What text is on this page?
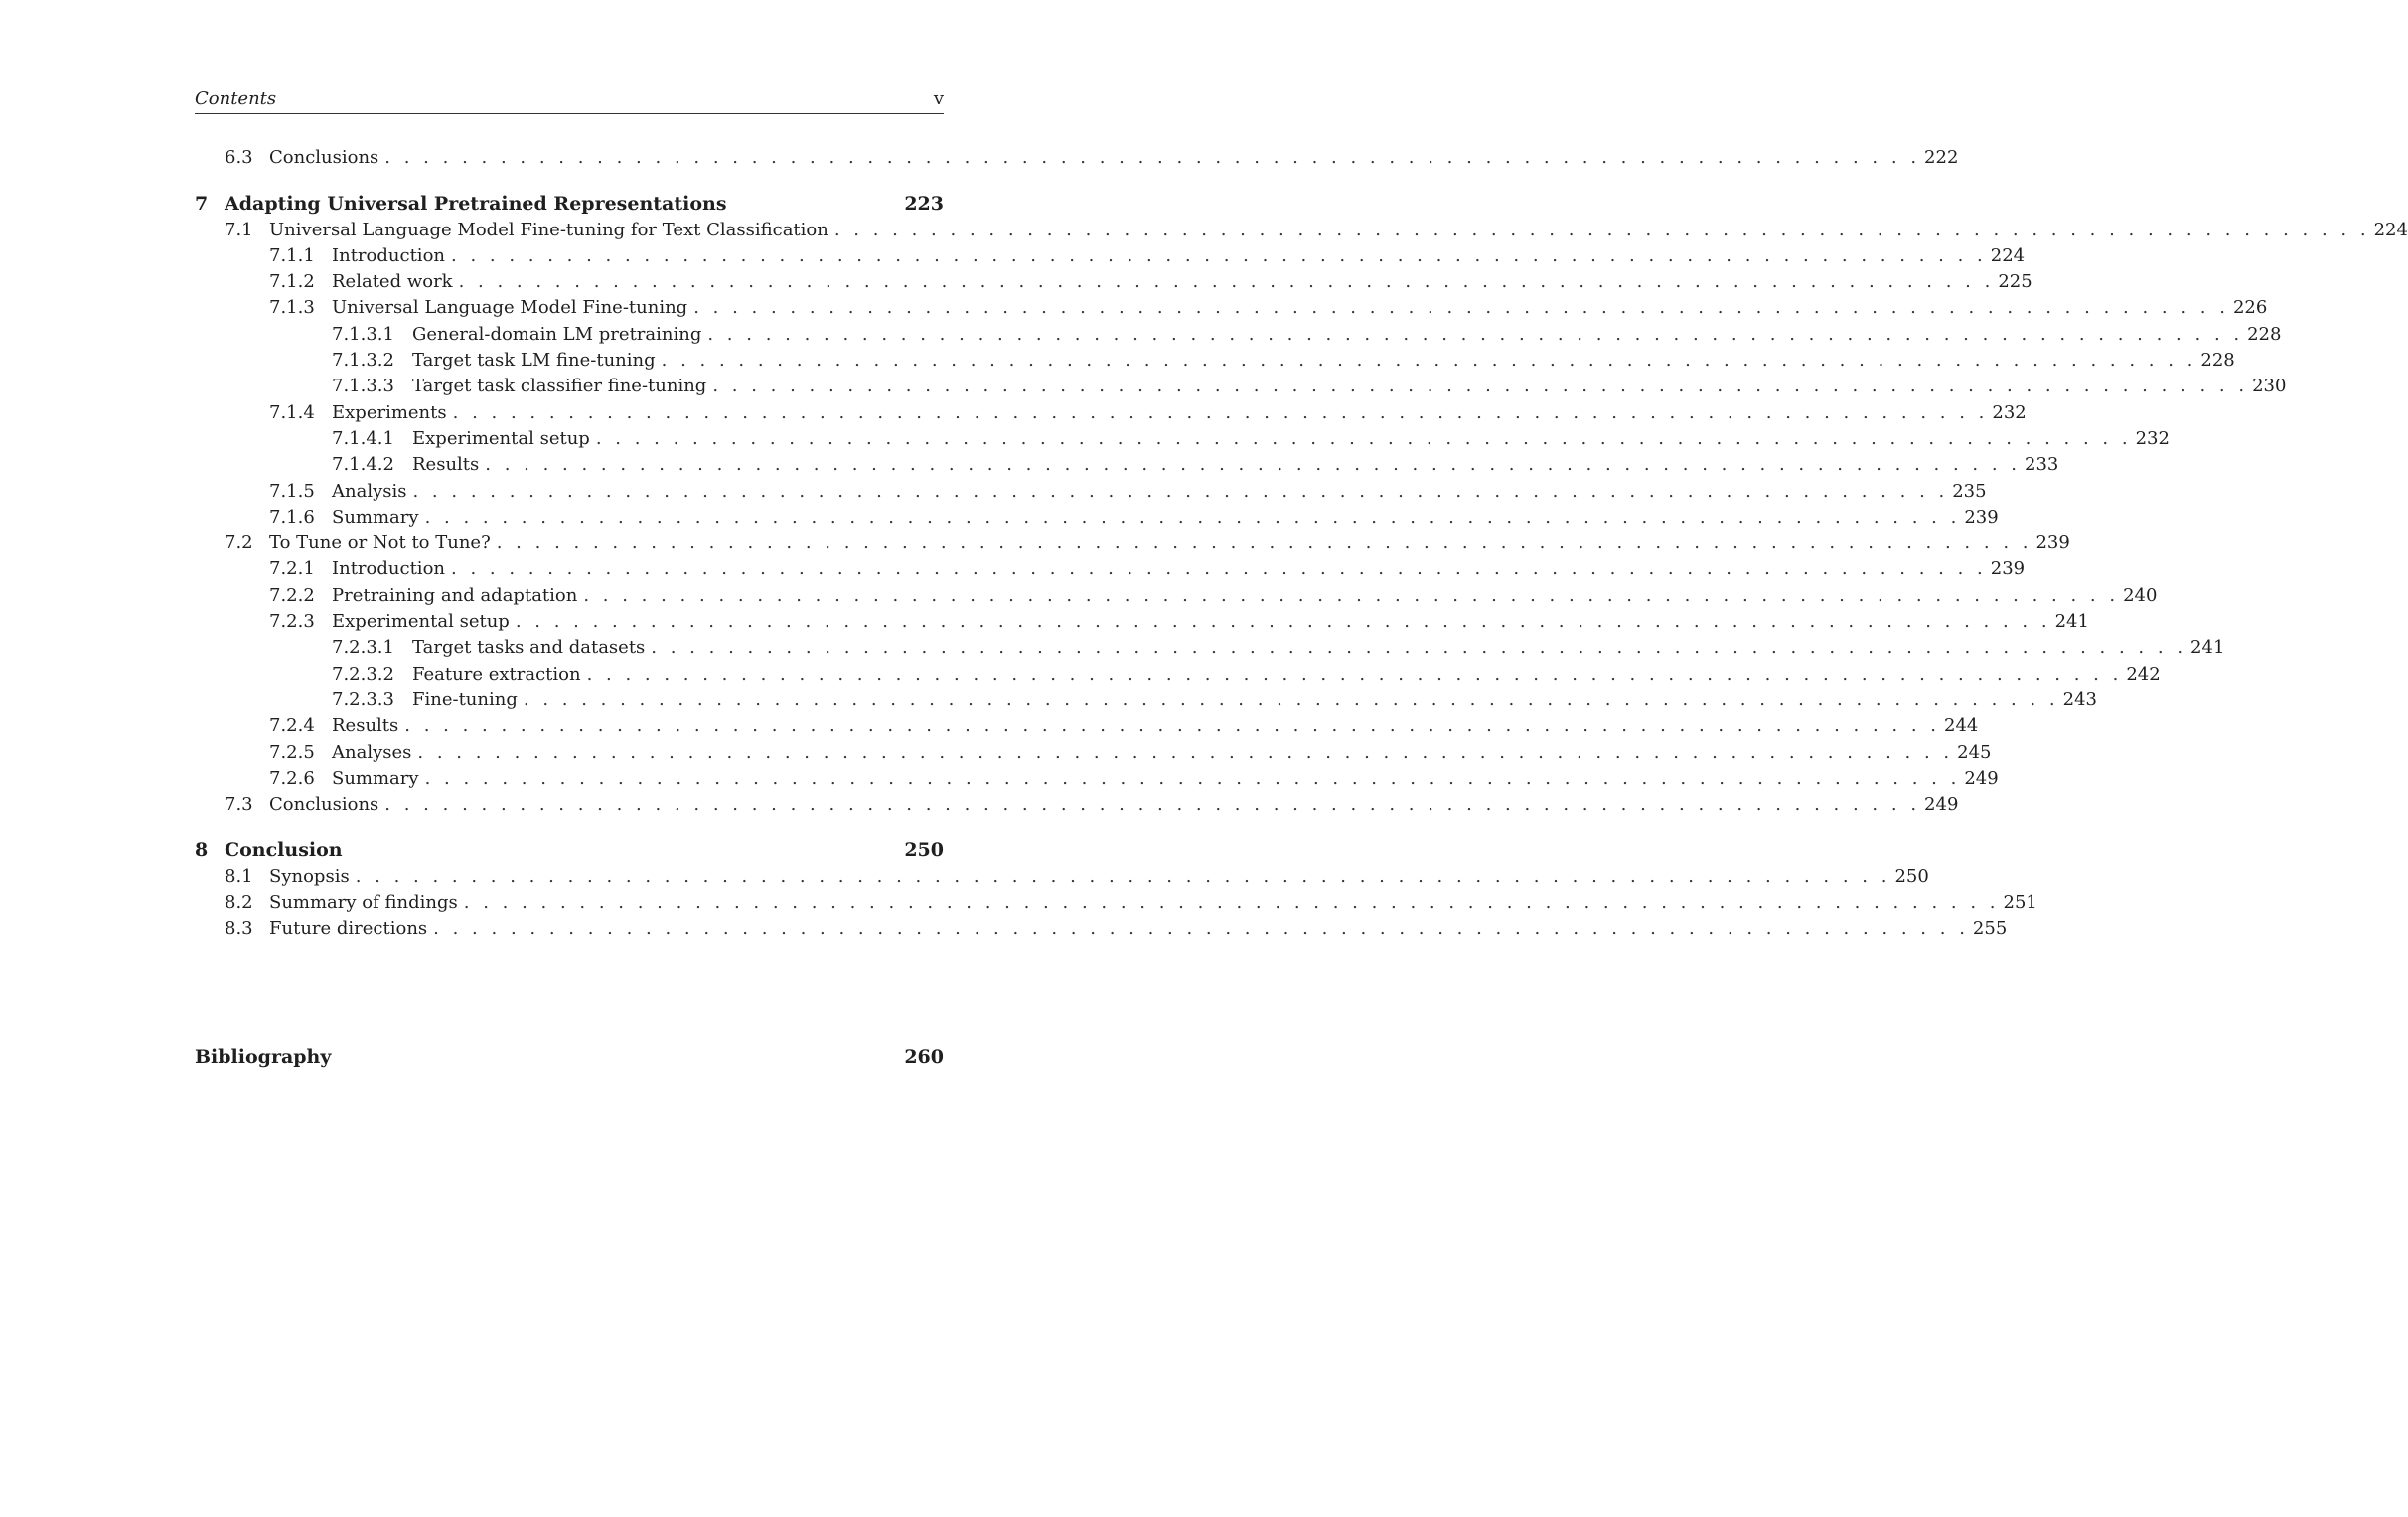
Contents	v
6.3 Conclusions . . . . . . . . . . . . . . . . . . . . . . . . . . . . . . . . . . . . . . . . . . . . . . . . . . . . . . . . . . . . . . . . . . . . . . . . . . . . . . . . 222
7 Adapting Universal Pretrained Representations	223
7.1 Universal Language Model Fine-tuning for Text Classification . . . . . . . . . . . . . . . . . . . . . . . . . . . . . . . . . . . . . . . . . . . . . . . . . . . . . . . . . . . . . . . . . . . . . . . . . . . . . . . . 224
7.1.1 Introduction . . . . . . . . . . . . . . . . . . . . . . . . . . . . . . . . . . . . . . . . . . . . . . . . . . . . . . . . . . . . . . . . . . . . . . . . . . . . . . . . 224
7.1.2 Related work . . . . . . . . . . . . . . . . . . . . . . . . . . . . . . . . . . . . . . . . . . . . . . . . . . . . . . . . . . . . . . . . . . . . . . . . . . . . . . . . 225
7.1.3 Universal Language Model Fine-tuning . . . . . . . . . . . . . . . . . . . . . . . . . . . . . . . . . . . . . . . . . . . . . . . . . . . . . . . . . . . . . . . . . . . . . . . . . . . . . . . . 226
7.1.3.1	General-domain LM pretraining . . . . . . . . . . . . . . . . . . . . . . . . . . . . . . . . . . . . . . . . . . . . . . . . . . . . . . . . . . . . . . . . . . . . . . . . . . . . . . . . 228
7.1.3.2	Target task LM fine-tuning . . . . . . . . . . . . . . . . . . . . . . . . . . . . . . . . . . . . . . . . . . . . . . . . . . . . . . . . . . . . . . . . . . . . . . . . . . . . . . . . 228
7.1.3.3	Target task classifier fine-tuning . . . . . . . . . . . . . . . . . . . . . . . . . . . . . . . . . . . . . . . . . . . . . . . . . . . . . . . . . . . . . . . . . . . . . . . . . . . . . . . . 230
7.1.4 Experiments . . . . . . . . . . . . . . . . . . . . . . . . . . . . . . . . . . . . . . . . . . . . . . . . . . . . . . . . . . . . . . . . . . . . . . . . . . . . . . . . 232
7.1.4.1	Experimental setup . . . . . . . . . . . . . . . . . . . . . . . . . . . . . . . . . . . . . . . . . . . . . . . . . . . . . . . . . . . . . . . . . . . . . . . . . . . . . . . . 232
7.1.4.2	Results . . . . . . . . . . . . . . . . . . . . . . . . . . . . . . . . . . . . . . . . . . . . . . . . . . . . . . . . . . . . . . . . . . . . . . . . . . . . . . . . 233
7.1.5 Analysis . . . . . . . . . . . . . . . . . . . . . . . . . . . . . . . . . . . . . . . . . . . . . . . . . . . . . . . . . . . . . . . . . . . . . . . . . . . . . . . . 235
7.1.6 Summary . . . . . . . . . . . . . . . . . . . . . . . . . . . . . . . . . . . . . . . . . . . . . . . . . . . . . . . . . . . . . . . . . . . . . . . . . . . . . . . . 239
7.2 To Tune or Not to Tune? . . . . . . . . . . . . . . . . . . . . . . . . . . . . . . . . . . . . . . . . . . . . . . . . . . . . . . . . . . . . . . . . . . . . . . . . . . . . . . . . 239
7.2.1 Introduction . . . . . . . . . . . . . . . . . . . . . . . . . . . . . . . . . . . . . . . . . . . . . . . . . . . . . . . . . . . . . . . . . . . . . . . . . . . . . . . . 239
7.2.2 Pretraining and adaptation . . . . . . . . . . . . . . . . . . . . . . . . . . . . . . . . . . . . . . . . . . . . . . . . . . . . . . . . . . . . . . . . . . . . . . . . . . . . . . . . 240
7.2.3 Experimental setup . . . . . . . . . . . . . . . . . . . . . . . . . . . . . . . . . . . . . . . . . . . . . . . . . . . . . . . . . . . . . . . . . . . . . . . . . . . . . . . . 241
7.2.3.1	Target tasks and datasets . . . . . . . . . . . . . . . . . . . . . . . . . . . . . . . . . . . . . . . . . . . . . . . . . . . . . . . . . . . . . . . . . . . . . . . . . . . . . . . . 241
7.2.3.2	Feature extraction . . . . . . . . . . . . . . . . . . . . . . . . . . . . . . . . . . . . . . . . . . . . . . . . . . . . . . . . . . . . . . . . . . . . . . . . . . . . . . . . 242
7.2.3.3	Fine-tuning . . . . . . . . . . . . . . . . . . . . . . . . . . . . . . . . . . . . . . . . . . . . . . . . . . . . . . . . . . . . . . . . . . . . . . . . . . . . . . . . 243
7.2.4 Results . . . . . . . . . . . . . . . . . . . . . . . . . . . . . . . . . . . . . . . . . . . . . . . . . . . . . . . . . . . . . . . . . . . . . . . . . . . . . . . . 244
7.2.5 Analyses . . . . . . . . . . . . . . . . . . . . . . . . . . . . . . . . . . . . . . . . . . . . . . . . . . . . . . . . . . . . . . . . . . . . . . . . . . . . . . . . 245
7.2.6 Summary . . . . . . . . . . . . . . . . . . . . . . . . . . . . . . . . . . . . . . . . . . . . . . . . . . . . . . . . . . . . . . . . . . . . . . . . . . . . . . . . 249
7.3 Conclusions . . . . . . . . . . . . . . . . . . . . . . . . . . . . . . . . . . . . . . . . . . . . . . . . . . . . . . . . . . . . . . . . . . . . . . . . . . . . . . . . 249
8 Conclusion	250
8.1 Synopsis . . . . . . . . . . . . . . . . . . . . . . . . . . . . . . . . . . . . . . . . . . . . . . . . . . . . . . . . . . . . . . . . . . . . . . . . . . . . . . . . 250
8.2 Summary of findings . . . . . . . . . . . . . . . . . . . . . . . . . . . . . . . . . . . . . . . . . . . . . . . . . . . . . . . . . . . . . . . . . . . . . . . . . . . . . . . . 251
8.3 Future directions . . . . . . . . . . . . . . . . . . . . . . . . . . . . . . . . . . . . . . . . . . . . . . . . . . . . . . . . . . . . . . . . . . . . . . . . . . . . . . . . 255
Bibliography	260
